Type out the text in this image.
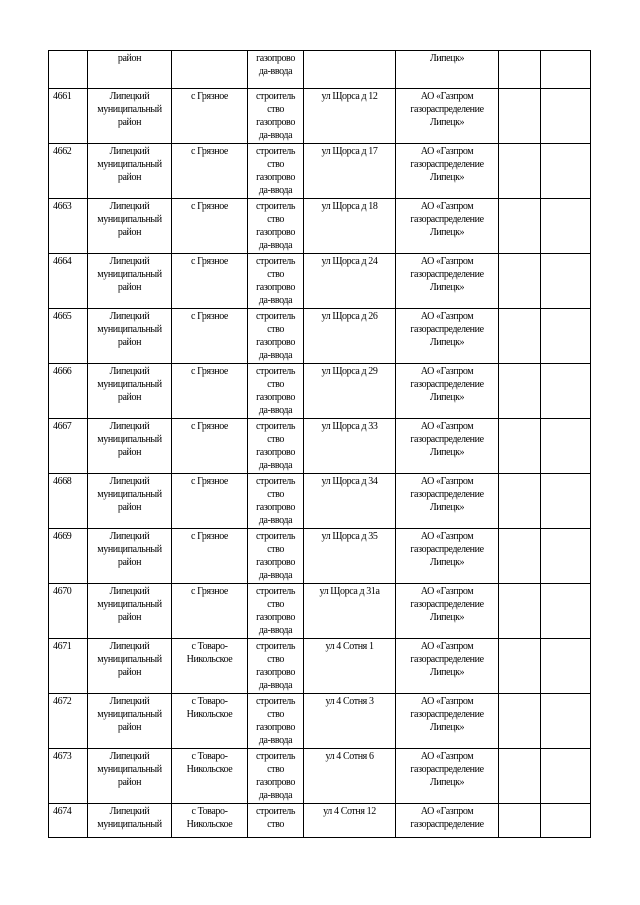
	район		газопрово да-ввода		Липецк»		
4661	Липецкий муниципальный район	с Грязное	строитель ство газопрово да-ввода	ул Щорса д 12	АО «Газпром газораспределение Липецк»		
4662	Липецкий муниципальный район	с Грязное	строитель ство газопрово да-ввода	ул Щорса д 17	АО «Газпром газораспределение Липецк»		
4663	Липецкий муниципальный район	с Грязное	строитель ство газопрово да-ввода	ул Щорса д 18	АО «Газпром газораспределение Липецк»		
4664	Липецкий муниципальный район	с Грязное	строитель ство газопрово да-ввода	ул Щорса д 24	АО «Газпром газораспределение Липецк»		
4665	Липецкий муниципальный район	с Грязное	строитель ство газопрово да-ввода	ул Щорса д 26	АО «Газпром газораспределение Липецк»		
4666	Липецкий муниципальный район	с Грязное	строитель ство газопрово да-ввода	ул Щорса д 29	АО «Газпром газораспределение Липецк»		
4667	Липецкий муниципальный район	с Грязное	строитель ство газопрово да-ввода	ул Щорса д 33	АО «Газпром газораспределение Липецк»		
4668	Липецкий муниципальный район	с Грязное	строитель ство газопрово да-ввода	ул Щорса д 34	АО «Газпром газораспределение Липецк»		
4669	Липецкий муниципальный район	с Грязное	строитель ство газопрово да-ввода	ул Щорса д 35	АО «Газпром газораспределение Липецк»		
4670	Липецкий муниципальный район	с Грязное	строитель ство газопрово да-ввода	ул Щорса д 31а	АО «Газпром газораспределение Липецк»		
4671	Липецкий муниципальный район	с Товаро-Никольское	строитель ство газопрово да-ввода	ул 4 Сотня 1	АО «Газпром газораспределение Липецк»		
4672	Липецкий муниципальный район	с Товаро-Никольское	строитель ство газопрово да-ввода	ул 4 Сотня 3	АО «Газпром газораспределение Липецк»		
4673	Липецкий муниципальный район	с Товаро-Никольское	строитель ство газопрово да-ввода	ул 4 Сотня 6	АО «Газпром газораспределение Липецк»		
4674	Липецкий муниципальный	с Товаро-Никольское	строитель ство	ул 4 Сотня 12	АО «Газпром газораспределение		
